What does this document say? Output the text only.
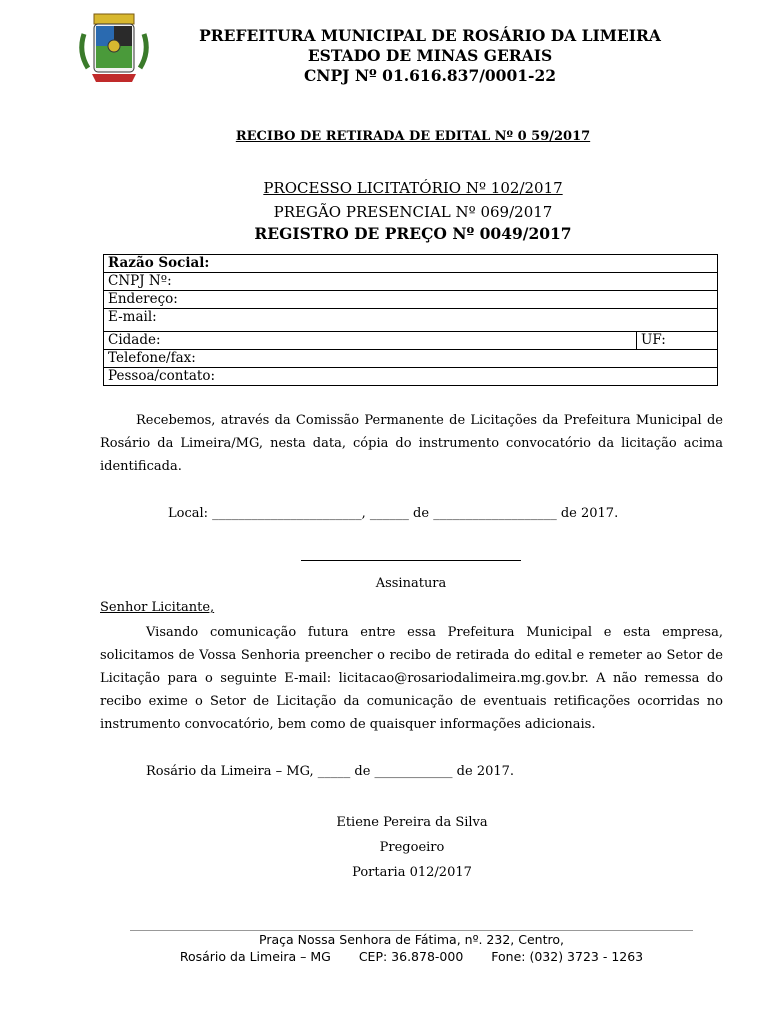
PREFEITURA MUNICIPAL DE ROSÁRIO DA LIMEIRA
ESTADO DE MINAS GERAIS
CNPJ Nº 01.616.837/0001-22
RECIBO DE RETIRADA DE EDITAL Nº 0 59/2017
PROCESSO LICITATÓRIO Nº 102/2017
PREGÃO PRESENCIAL Nº 069/2017
REGISTRO DE PREÇO Nº 0049/2017
Razão Social:
CNPJ Nº:
Endereço:
E-mail:
Cidade:	UF:
Telefone/fax:
Pessoa/contato:
Recebemos, através da Comissão Permanente de Licitações da Prefeitura Municipal de Rosário da Limeira/MG, nesta data, cópia do instrumento convocatório da licitação acima identificada.
Local: _______________________, ______ de ___________________ de 2017.
Assinatura
Senhor Licitante,
Visando comunicação futura entre essa Prefeitura Municipal e esta empresa, solicitamos de Vossa Senhoria preencher o recibo de retirada do edital e remeter ao Setor de Licitação para o seguinte E-mail: licitacao@rosariodalimeira.mg.gov.br. A não remessa do recibo exime o Setor de Licitação da comunicação de eventuais retificações ocorridas no instrumento convocatório, bem como de quaisquer informações adicionais.
Rosário da Limeira – MG, _____ de ____________ de 2017.
Etiene Pereira da Silva
Pregoeiro
Portaria 012/2017
Praça Nossa Senhora de Fátima, nº. 232, Centro,
Rosário da Limeira – MG CEP: 36.878-000 Fone: (032) 3723 - 1263
